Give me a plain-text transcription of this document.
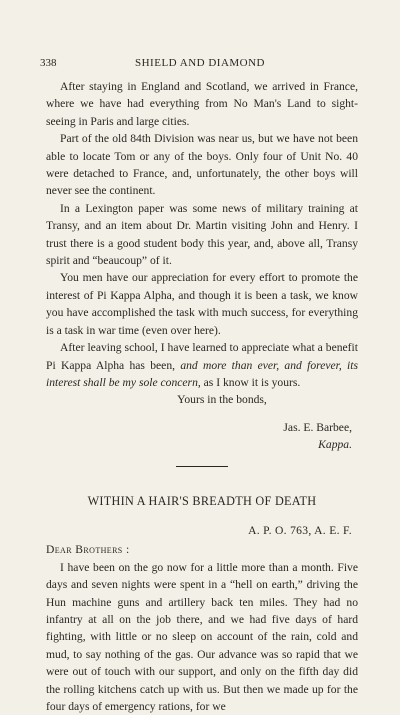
338	SHIELD AND DIAMOND

After staying in England and Scotland, we arrived in France, where we have had everything from No Man's Land to sight-seeing in Paris and large cities.

Part of the old 84th Division was near us, but we have not been able to locate Tom or any of the boys. Only four of Unit No. 40 were detached to France, and, unfortunately, the other boys will never see the continent.

In a Lexington paper was some news of military training at Transy, and an item about Dr. Martin visiting John and Henry. I trust there is a good student body this year, and, above all, Transy spirit and “beaucoup” of it.

You men have our appreciation for every effort to promote the interest of Pi Kappa Alpha, and though it is been a task, we know you have accomplished the task with much success, for everything is a task in war time (even over here).

After leaving school, I have learned to appreciate what a benefit Pi Kappa Alpha has been, and more than ever, and forever, its interest shall be my sole concern, as I know it is yours.

Yours in the bonds,
Jas. E. Barbee,
Kappa.
WITHIN A HAIR'S BREADTH OF DEATH
A. P. O. 763, A. E. F.
Dear Brothers :

I have been on the go now for a little more than a month. Five days and seven nights were spent in a “hell on earth,” driving the Hun machine guns and artillery back ten miles. They had no infantry at all on the job there, and we had five days of hard fighting, with little or no sleep on account of the rain, cold and mud, to say nothing of the gas. Our advance was so rapid that we were out of touch with our support, and only on the fifth day did the rolling kitchens catch up with us. But then we made up for the four days of emergency rations, for we
